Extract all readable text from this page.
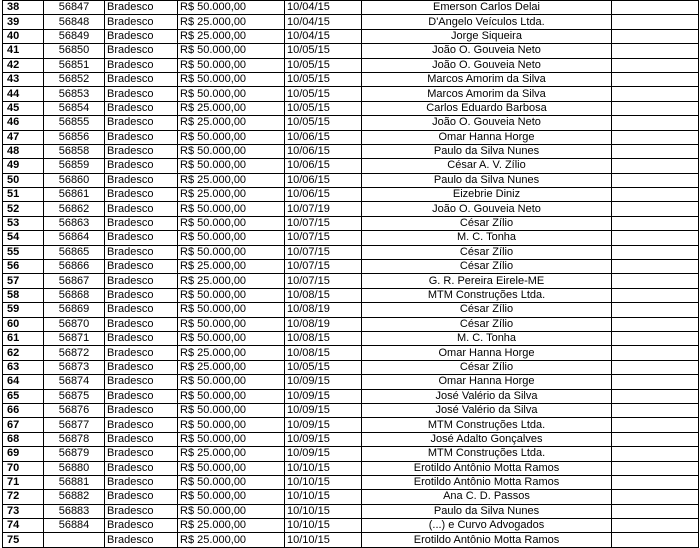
38	56847	Bradesco	R$ 50.000,00	10/04/15	Emerson Carlos Delai	
39	56848	Bradesco	R$ 25.000,00	10/04/15	D'Angelo Veículos Ltda.	
40	56849	Bradesco	R$ 25.000,00	10/04/15	Jorge Siqueira	
41	56850	Bradesco	R$ 50.000,00	10/05/15	João O. Gouveia Neto	
42	56851	Bradesco	R$ 50.000,00	10/05/15	João O. Gouveia Neto	
43	56852	Bradesco	R$ 50.000,00	10/05/15	Marcos Amorim da Silva	
44	56853	Bradesco	R$ 50.000,00	10/05/15	Marcos Amorim da Silva	
45	56854	Bradesco	R$ 25.000,00	10/05/15	Carlos Eduardo Barbosa	
46	56855	Bradesco	R$ 25.000,00	10/05/15	João O. Gouveia Neto	
47	56856	Bradesco	R$ 50.000,00	10/06/15	Omar Hanna Horge	
48	56858	Bradesco	R$ 50.000,00	10/06/15	Paulo da Silva Nunes	
49	56859	Bradesco	R$ 50.000,00	10/06/15	César A. V. Zílio	
50	56860	Bradesco	R$ 25.000,00	10/06/15	Paulo da Silva Nunes	
51	56861	Bradesco	R$ 25.000,00	10/06/15	Eizebrie Diniz	
52	56862	Bradesco	R$ 50.000,00	10/07/19	João O. Gouveia Neto	
53	56863	Bradesco	R$ 50.000,00	10/07/15	César Zílio	
54	56864	Bradesco	R$ 50.000,00	10/07/15	M. C. Tonha	
55	56865	Bradesco	R$ 50.000,00	10/07/15	César Zílio	
56	56866	Bradesco	R$ 25.000,00	10/07/15	César Zílio	
57	56867	Bradesco	R$ 25.000,00	10/07/15	G. R. Pereira Eirele-ME	
58	56868	Bradesco	R$ 50.000,00	10/08/15	MTM Construções Ltda.	
59	56869	Bradesco	R$ 50.000,00	10/08/19	César Zílio	
60	56870	Bradesco	R$ 50.000,00	10/08/19	César Zílio	
61	56871	Bradesco	R$ 50.000,00	10/08/15	M. C. Tonha	
62	56872	Bradesco	R$ 25.000,00	10/08/15	Omar Hanna Horge	
63	56873	Bradesco	R$ 25.000,00	10/05/15	César Zílio	
64	56874	Bradesco	R$ 50.000,00	10/09/15	Omar Hanna Horge	
65	56875	Bradesco	R$ 50.000,00	10/09/15	José Valério da Silva	
66	56876	Bradesco	R$ 50.000,00	10/09/15	José Valério da Silva	
67	56877	Bradesco	R$ 50.000,00	10/09/15	MTM Construções Ltda.	
68	56878	Bradesco	R$ 50.000,00	10/09/15	José Adalto Gonçalves	
69	56879	Bradesco	R$ 25.000,00	10/09/15	MTM Construções Ltda.	
70	56880	Bradesco	R$ 50.000,00	10/10/15	Erotildo Antônio Motta Ramos	
71	56881	Bradesco	R$ 50.000,00	10/10/15	Erotildo Antônio Motta Ramos	
72	56882	Bradesco	R$ 50.000,00	10/10/15	Ana C. D. Passos	
73	56883	Bradesco	R$ 50.000,00	10/10/15	Paulo da Silva Nunes	
74	56884	Bradesco	R$ 25.000,00	10/10/15	(...) e Curvo Advogados	
75		Bradesco	R$ 25.000,00	10/10/15	Erotildo Antônio Motta Ramos	
